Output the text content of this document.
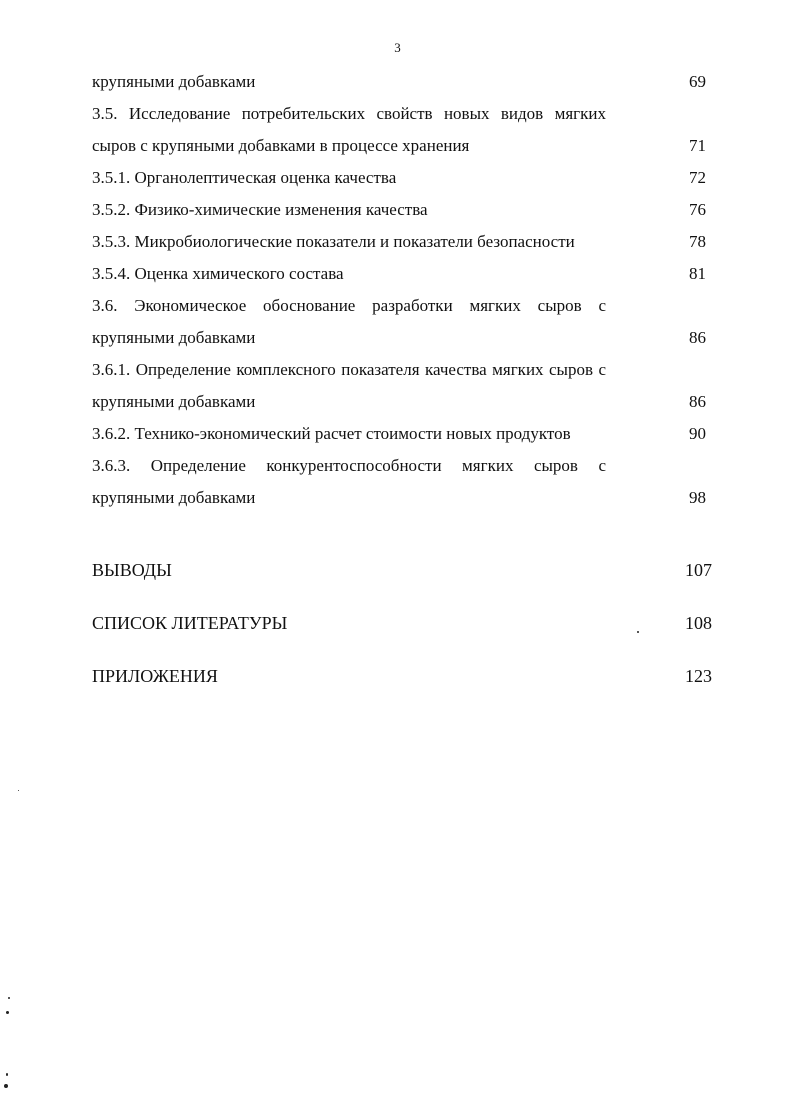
3
крупяными добавками	69
3.5. Исследование потребительских свойств новых видов мягких
сыров с крупяными добавками в процессе хранения	71
3.5.1. Органолептическая оценка качества	72
3.5.2. Физико-химические изменения качества	76
3.5.3. Микробиологические показатели и показатели безопасности	78
3.5.4. Оценка химического состава	81
3.6. Экономическое обоснование разработки мягких сыров с
крупяными добавками	86
3.6.1. Определение комплексного показателя качества мягких сыров с
крупяными добавками	86
3.6.2. Технико-экономический расчет стоимости новых продуктов	90
3.6.3. Определение конкурентоспособности мягких сыров с
крупяными добавками	98
ВЫВОДЫ	107
СПИСОК ЛИТЕРАТУРЫ	108
ПРИЛОЖЕНИЯ	123
